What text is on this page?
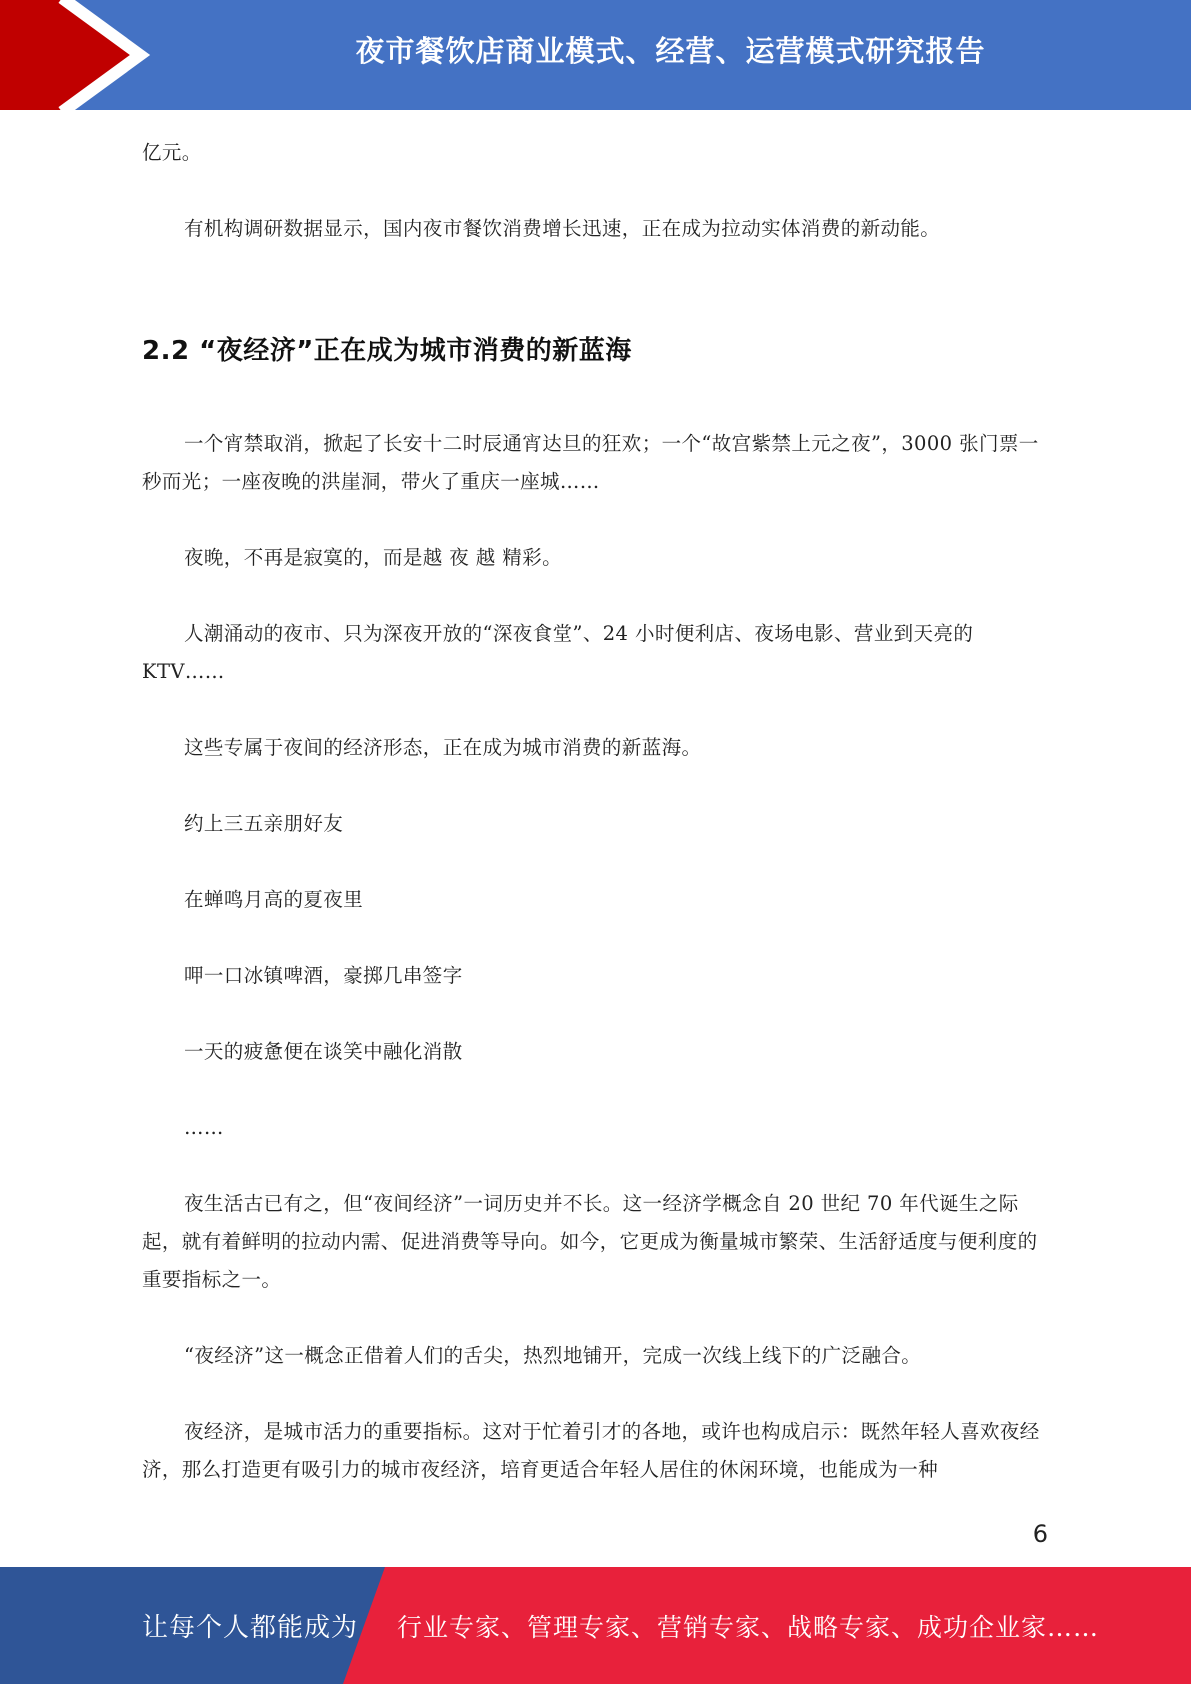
夜市餐饮店商业模式、经营、运营模式研究报告

亿元。

有机构调研数据显示，国内夜市餐饮消费增长迅速，正在成为拉动实体消费的新动能。

2.2 “夜经济”正在成为城市消费的新蓝海

一个宵禁取消，掀起了长安十二时辰通宵达旦的狂欢；一个“故宫紫禁上元之夜”，3000 张门票一秒而光；一座夜晚的洪崖洞，带火了重庆一座城……

夜晚，不再是寂寞的，而是越 夜 越 精彩。

人潮涌动的夜市、只为深夜开放的“深夜食堂”、24 小时便利店、夜场电影、营业到天亮的 KTV……

这些专属于夜间的经济形态，正在成为城市消费的新蓝海。

约上三五亲朋好友

在蝉鸣月高的夏夜里

呷一口冰镇啤酒，豪掷几串签字

一天的疲惫便在谈笑中融化消散

……

夜生活古已有之，但“夜间经济”一词历史并不长。这一经济学概念自 20 世纪 70 年代诞生之际起，就有着鲜明的拉动内需、促进消费等导向。如今，它更成为衡量城市繁荣、生活舒适度与便利度的重要指标之一。

“夜经济”这一概念正借着人们的舌尖，热烈地铺开，完成一次线上线下的广泛融合。

夜经济，是城市活力的重要指标。这对于忙着引才的各地，或许也构成启示：既然年轻人喜欢夜经济，那么打造更有吸引力的城市夜经济，培育更适合年轻人居住的休闲环境，也能成为一种

6
让每个人都能成为 行业专家、管理专家、营销专家、战略专家、成功企业家……
